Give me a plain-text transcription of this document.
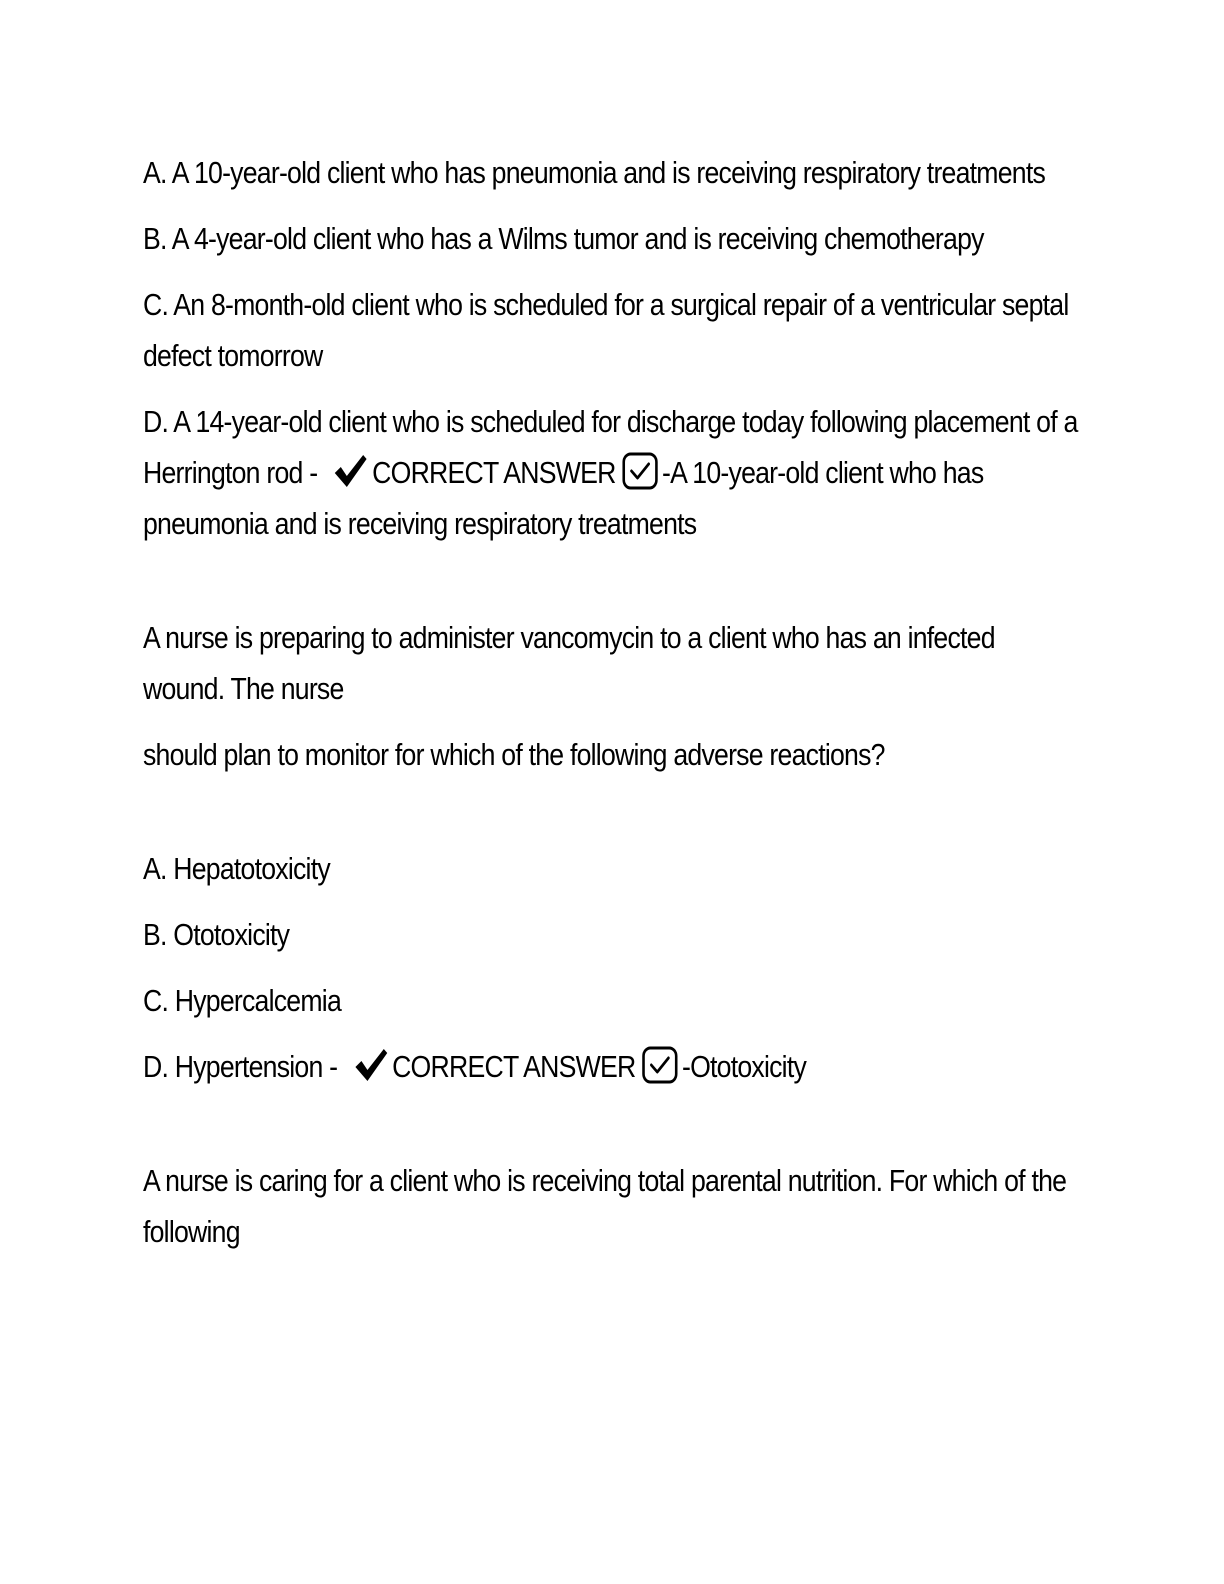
A. A 10-year-old client who has pneumonia and is receiving respiratory treatments

B. A 4-year-old client who has a Wilms tumor and is receiving chemotherapy

C. An 8-month-old client who is scheduled for a surgical repair of a ventricular septal defect tomorrow

D. A 14-year-old client who is scheduled for discharge today following placement of a Herrington rod - CORRECT ANSWER -A 10-year-old client who has pneumonia and is receiving respiratory treatments

A nurse is preparing to administer vancomycin to a client who has an infected wound. The nurse

should plan to monitor for which of the following adverse reactions?

A. Hepatotoxicity

B. Ototoxicity

C. Hypercalcemia

D. Hypertension - CORRECT ANSWER -Ototoxicity

A nurse is caring for a client who is receiving total parental nutrition. For which of the following
